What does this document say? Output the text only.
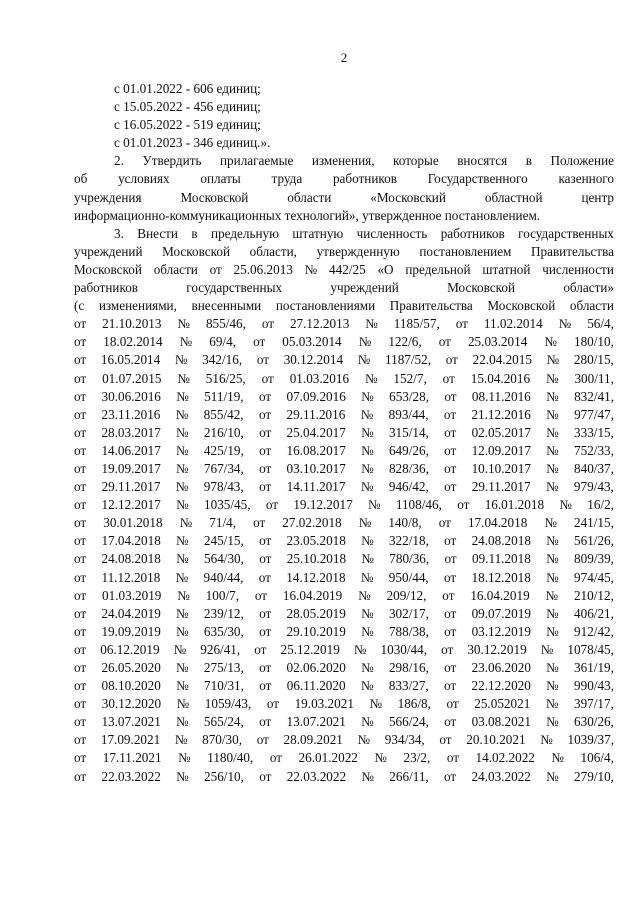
2
с 01.01.2022 - 606 единиц;
с 15.05.2022 - 456 единиц;
с 16.05.2022 - 519 единиц;
с 01.01.2023 - 346 единиц.».
2. Утвердить прилагаемые изменения, которые вносятся в Положение
об условиях оплаты труда работников Государственного казенного
учреждения	Московской	области	«Московский	областной	центр
информационно-коммуникационных технологий», утвержденное постановлением.
3. Внести в предельную штатную численность работников государственных
учреждений Московской области, утвержденную постановлением Правительства
Московской области от 25.06.2013 № 442/25 «О предельной штатной численности
работников	государственных	учреждений	Московской	области»
(с изменениями, внесенными постановлениями Правительства Московской области
от 21.10.2013 № 855/46, от 27.12.2013 № 1185/57, от 11.02.2014 № 56/4,
от 18.02.2014 № 69/4, от 05.03.2014 № 122/6, от 25.03.2014 № 180/10,
от 16.05.2014 № 342/16, от 30.12.2014 № 1187/52, от 22.04.2015 № 280/15,
от 01.07.2015 № 516/25, от 01.03.2016 № 152/7, от 15.04.2016 № 300/11,
от 30.06.2016 № 511/19, от 07.09.2016 № 653/28, от 08.11.2016 № 832/41,
от 23.11.2016 № 855/42, от 29.11.2016 № 893/44, от 21.12.2016 № 977/47,
от 28.03.2017 № 216/10, от 25.04.2017 № 315/14, от 02.05.2017 № 333/15,
от 14.06.2017 № 425/19, от 16.08.2017 № 649/26, от 12.09.2017 № 752/33,
от 19.09.2017 № 767/34, от 03.10.2017 № 828/36, от 10.10.2017 № 840/37,
от 29.11.2017 № 978/43, от 14.11.2017 № 946/42, от 29.11.2017 № 979/43,
от 12.12.2017 № 1035/45, от 19.12.2017 № 1108/46, от 16.01.2018 № 16/2,
от 30.01.2018 № 71/4, от 27.02.2018 № 140/8, от 17.04.2018 № 241/15,
от 17.04.2018 № 245/15, от 23.05.2018 № 322/18, от 24.08.2018 № 561/26,
от 24.08.2018 № 564/30, от 25.10.2018 № 780/36, от 09.11.2018 № 809/39,
от 11.12.2018 № 940/44, от 14.12.2018 № 950/44, от 18.12.2018 № 974/45,
от 01.03.2019 № 100/7, от 16.04.2019 № 209/12, от 16.04.2019 № 210/12,
от 24.04.2019 № 239/12, от 28.05.2019 № 302/17, от 09.07.2019 № 406/21,
от 19.09.2019 № 635/30, от 29.10.2019 № 788/38, от 03.12.2019 № 912/42,
от 06.12.2019 № 926/41, от 25.12.2019 № 1030/44, от 30.12.2019 № 1078/45,
от 26.05.2020 № 275/13, от 02.06.2020 № 298/16, от 23.06.2020 № 361/19,
от 08.10.2020 № 710/31, от 06.11.2020 № 833/27, от 22.12.2020 № 990/43,
от 30.12.2020 № 1059/43, от 19.03.2021 № 186/8, от 25.052021 № 397/17,
от 13.07.2021 № 565/24, от 13.07.2021 № 566/24, от 03.08.2021 № 630/26,
от 17.09.2021 № 870/30, от 28.09.2021 № 934/34, от 20.10.2021 № 1039/37,
от 17.11.2021 № 1180/40, от 26.01.2022 № 23/2, от 14.02.2022 № 106/4,
от 22.03.2022 № 256/10, от 22.03.2022 № 266/11, от 24.03.2022 № 279/10,
